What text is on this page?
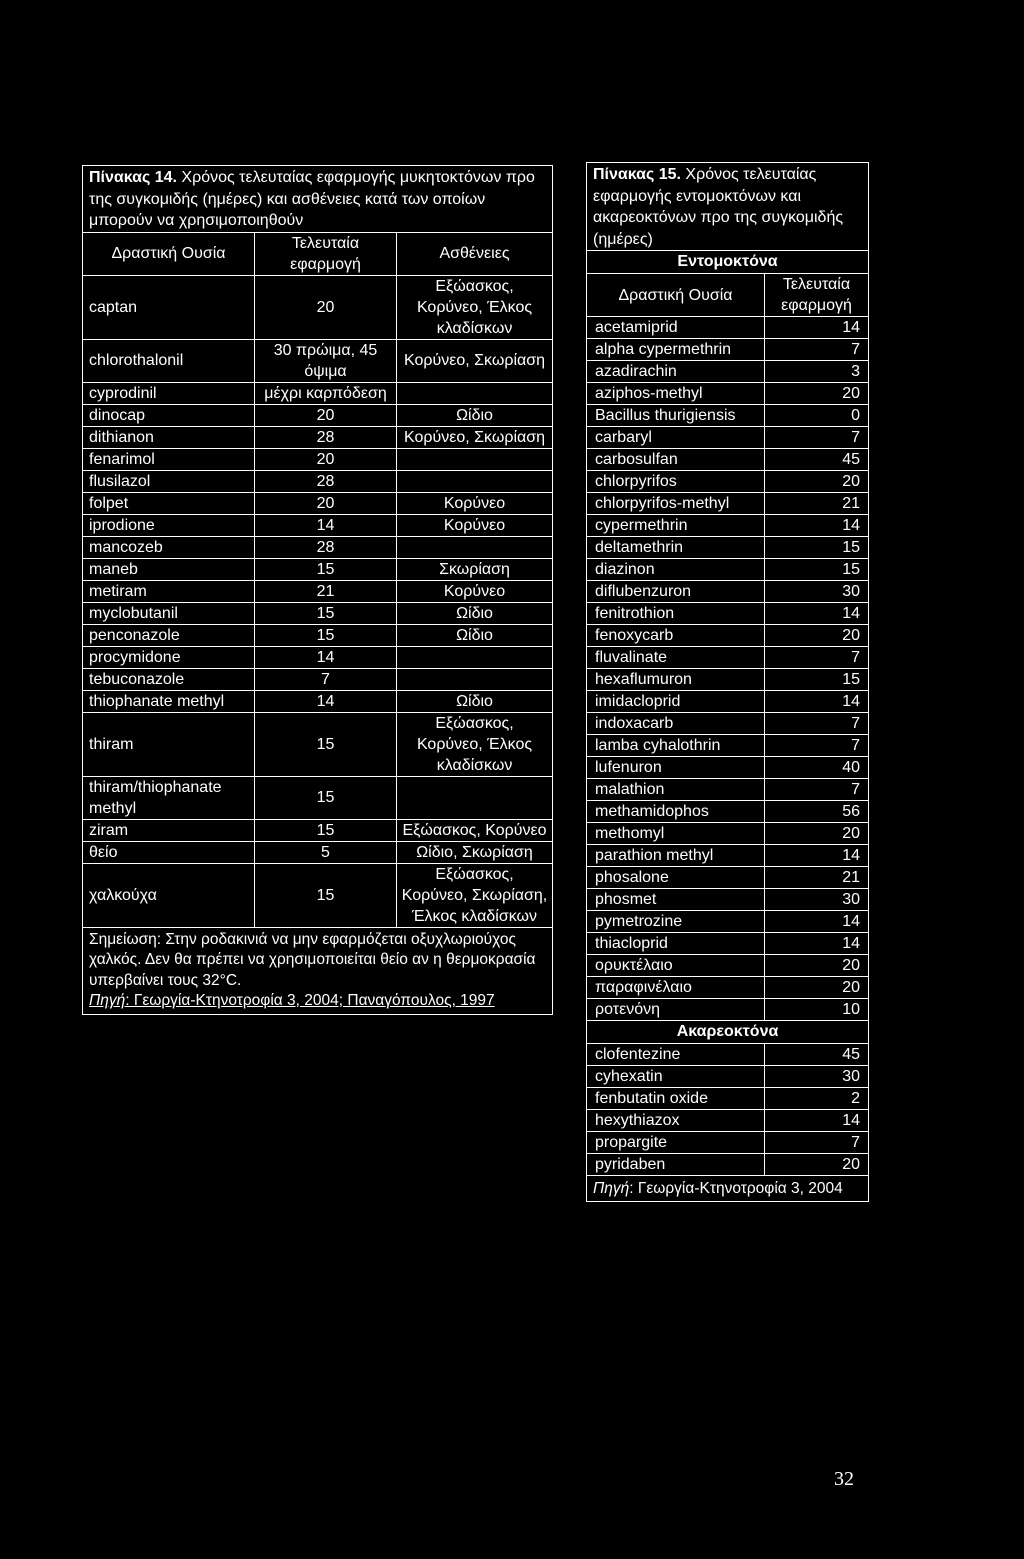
Πίνακας 14. Χρόνος τελευταίας εφαρμογής μυκητοκτόνων προ της συγκομιδής (ημέρες) και ασθένειες κατά των οποίων μπορούν να χρησιμοποιηθούν		
Δραστική Ουσία	Τελευταία εφαρμογή	Ασθένειες
captan	20	Εξώασκος, Κορύνεο, Έλκος κλαδίσκων
chlorothalonil	30 πρώιμα, 45 όψιμα	Κορύνεο, Σκωρίαση
cyprodinil	μέχρι καρπόδεση	
dinocap	20	Ωίδιο
dithianon	28	Κορύνεο, Σκωρίαση
fenarimol	20	
flusilazol	28	
folpet	20	Κορύνεο
iprodione	14	Κορύνεο
mancozeb	28	
maneb	15	Σκωρίαση
metiram	21	Κορύνεο
myclobutanil	15	Ωίδιο
penconazole	15	Ωίδιο
procymidone	14	
tebuconazole	7	
thiophanate methyl	14	Ωίδιο
thiram	15	Εξώασκος, Κορύνεο, Έλκος κλαδίσκων
thiram/thiophanate methyl	15	
ziram	15	Εξώασκος, Κορύνεο
θείο	5	Ωίδιο, Σκωρίαση
χαλκούχα	15	Εξώασκος, Κορύνεο, Σκωρίαση, Έλκος κλαδίσκων
Σημείωση: Στην ροδακινιά να μην εφαρμόζεται οξυχλωριούχος χαλκός. Δεν θα πρέπει να χρησιμοποιείται θείο αν η θερμοκρασία υπερβαίνει τους 32°C.
Πηγή: Γεωργία-Κτηνοτροφία 3, 2004; Παναγόπουλος, 1997		
Πίνακας 15. Χρόνος τελευταίας εφαρμογής εντομοκτόνων και ακαρεοκτόνων προ της συγκομιδής (ημέρες)	
Εντομοκτόνα	
Δραστική Ουσία	Τελευταία εφαρμογή
acetamiprid	14
alpha cypermethrin	7
azadirachin	3
aziphos-methyl	20
Bacillus thurigiensis	0
carbaryl	7
carbosulfan	45
chlorpyrifos	20
chlorpyrifos-methyl	21
cypermethrin	14
deltamethrin	15
diazinon	15
diflubenzuron	30
fenitrothion	14
fenoxycarb	20
fluvalinate	7
hexaflumuron	15
imidacloprid	14
indoxacarb	7
lamba cyhalothrin	7
lufenuron	40
malathion	7
methamidophos	56
methomyl	20
parathion methyl	14
phosalone	21
phosmet	30
pymetrozine	14
thiacloprid	14
ορυκτέλαιο	20
παραφινέλαιο	20
ροτενόνη	10
Ακαρεοκτόνα	
clofentezine	45
cyhexatin	30
fenbutatin oxide	2
hexythiazox	14
propargite	7
pyridaben	20
Πηγή: Γεωργία-Κτηνοτροφία 3, 2004	
32
